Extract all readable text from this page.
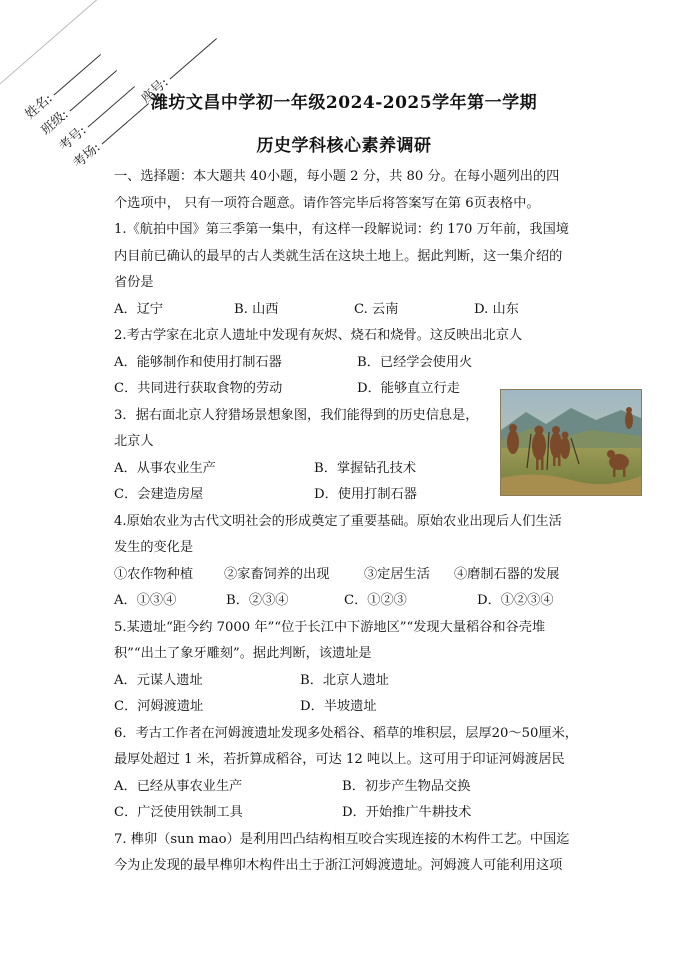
姓名:
班级:
考号:
考场:
座号:
潍坊文昌中学初一年级2024-2025学年第一学期
历史学科核心素养调研

一、选择题：本大题共 40小题，每小题 2 分，共 80 分。在每小题列出的四

个选项中， 只有一项符合题意。请作答完毕后将答案写在第 6页表格中。

1.《航拍中国》第三季第一集中，有这样一段解说词：约 170 万年前，我国境

内目前已确认的最早的古人类就生活在这块土地上。据此判断，这一集介绍的

省份是

A．辽宁	B. 山西	C. 云南	D. 山东

2.考古学家在北京人遗址中发现有灰烬、烧石和烧骨。这反映出北京人

A．能够制作和使用打制石器	B．已经学会使用火
C．共同进行获取食物的劳动	D．能够直立行走

3．据右面北京人狩猎场景想象图，我们能得到的历史信息是，

北京人

A．从事农业生产	B．掌握钻孔技术
C．会建造房屋	D．使用打制石器

4.原始农业为古代文明社会的形成奠定了重要基础。原始农业出现后人们生活

发生的变化是

①农作物种植	②家畜饲养的出现	③定居生活	④磨制石器的发展
A．①③④	B．②③④	C．①②③	D．①②③④

5.某遗址“距今约 7000 年”“位于长江中下游地区”“发现大量稻谷和谷壳堆

积”“出土了象牙雕刻”。据此判断，该遗址是

A．元谋人遗址	B．北京人遗址
C．河姆渡遗址	D．半坡遗址

6．考古工作者在河姆渡遗址发现多处稻谷、稻草的堆积层，层厚20～50厘米，

最厚处超过 1 米，若折算成稻谷，可达 12 吨以上。这可用于印证河姆渡居民

A．已经从事农业生产	B．初步产生物品交换
C．广泛使用铁制工具	D．开始推广牛耕技术

7. 榫卯（sun mao）是利用凹凸结构相互咬合实现连接的木构件工艺。中国迄

今为止发现的最早榫卯木构件出土于浙江河姆渡遗址。河姆渡人可能利用这项
